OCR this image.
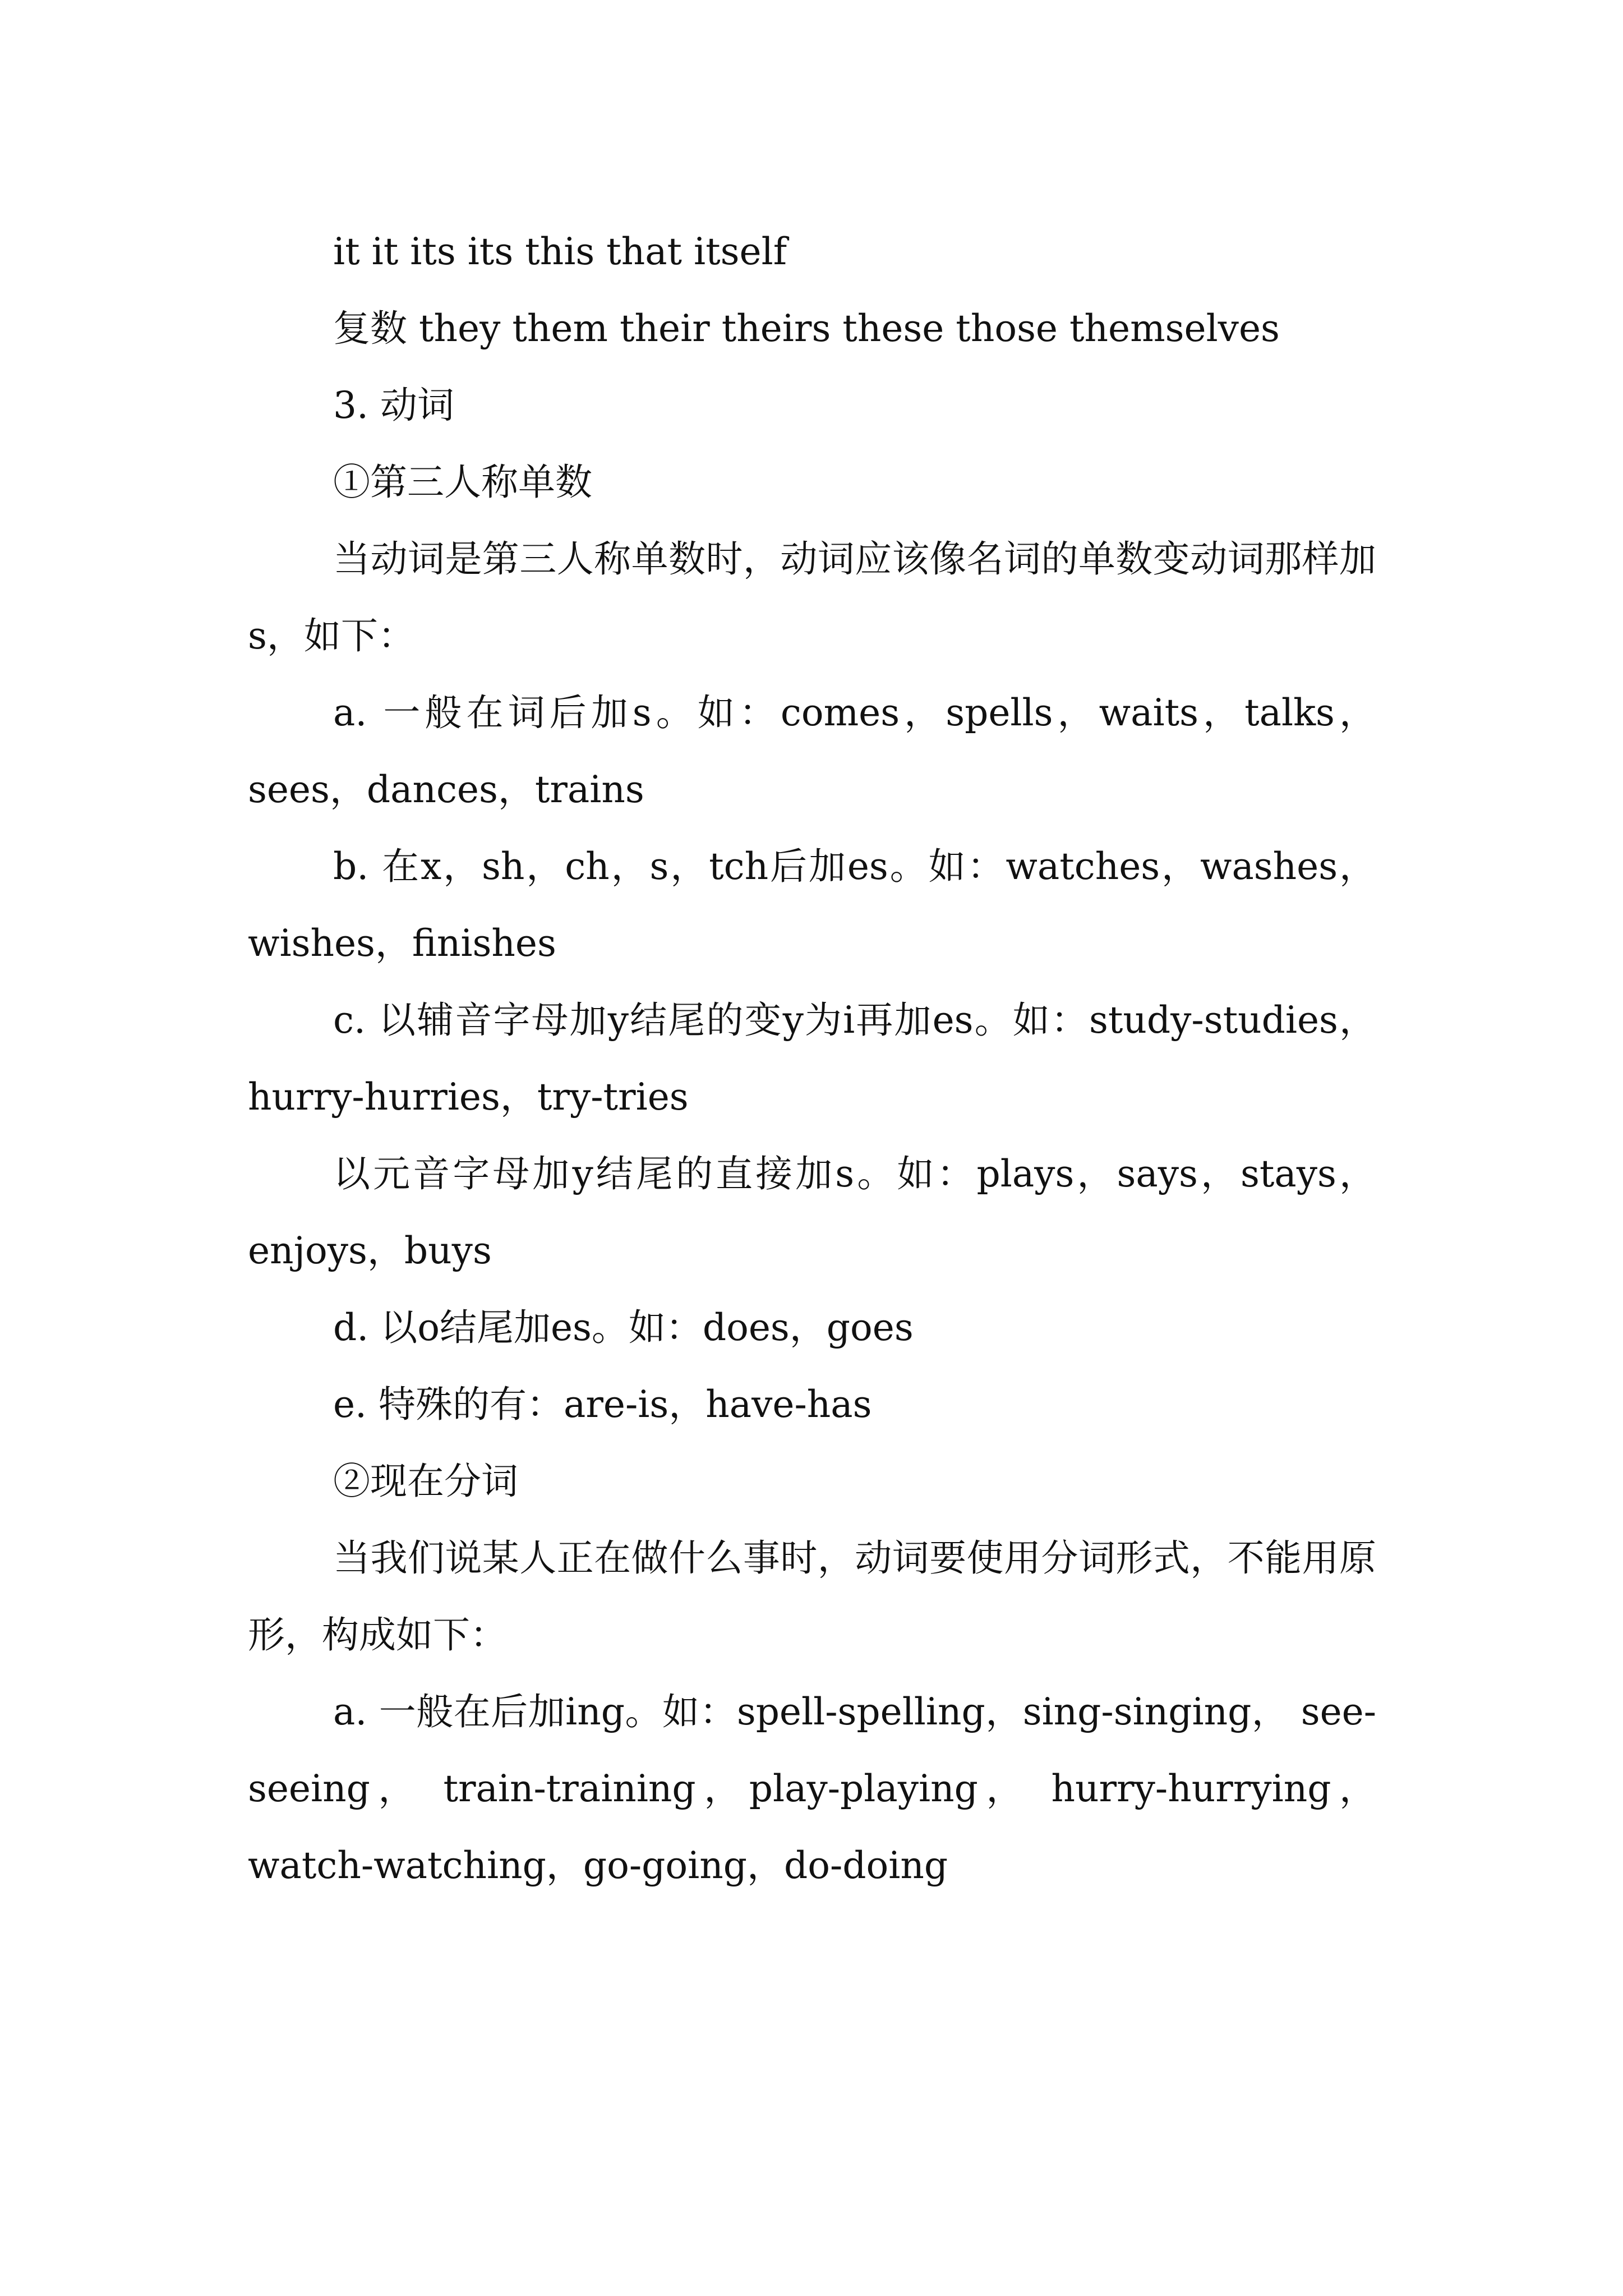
it it its its this that itself

复数 they them their theirs these those themselves

3. 动词

①第三人称单数

当动词是第三人称单数时，动词应该像名词的单数变动词那样加s，如下：

a. 一般在词后加s。如：comes，spells，waits，talks，sees，dances，trains

b. 在x，sh，ch，s，tch后加es。如：watches，washes，wishes，finishes

c. 以辅音字母加y结尾的变y为i再加es。如：study-studies，hurry-hurries，try-tries

以元音字母加y结尾的直接加s。如：plays，says，stays，enjoys，buys

d. 以o结尾加es。如：does，goes

e. 特殊的有：are-is，have-has

②现在分词

当我们说某人正在做什么事时，动词要使用分词形式，不能用原形，构成如下：

a. 一般在后加ing。如：spell-spelling，sing-singing， see-seeing， train-training，play-playing， hurry-hurrying， watch-watching，go-going，do-doing
